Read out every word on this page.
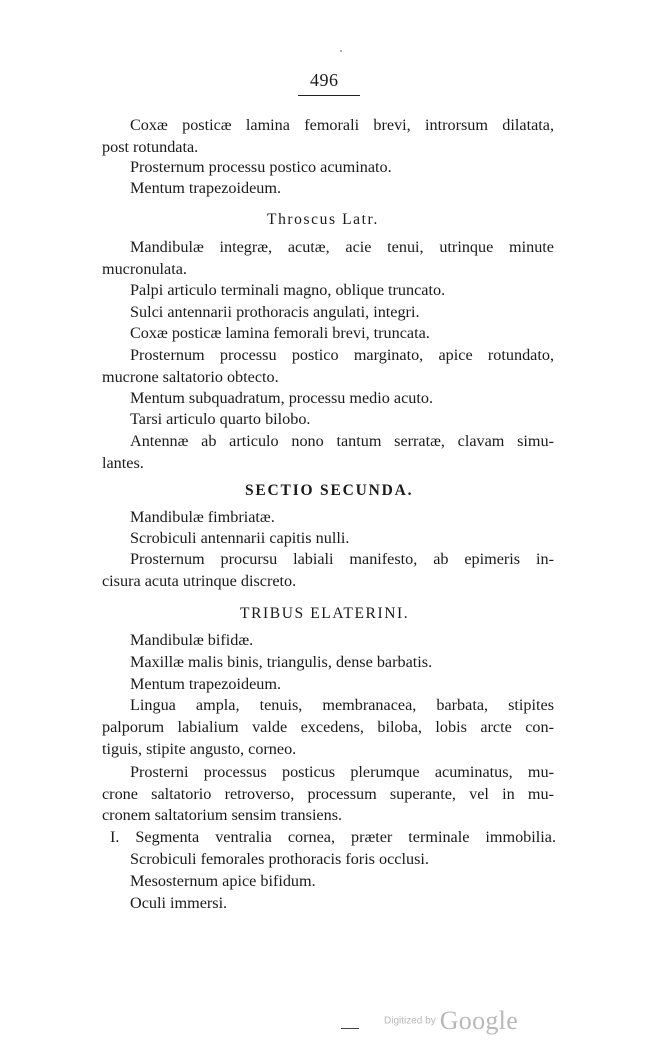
496
Coxæ posticæ lamina femorali brevi, introrsum dilatata,
post rotundata.
Prosternum processu postico acuminato.
Mentum trapezoideum.
Throscus Latr.
Mandibulæ integræ, acutæ, acie tenui, utrinque minute
mucronulata.
Palpi articulo terminali magno, oblique truncato.
Sulci antennarii prothoracis angulati, integri.
Coxæ posticæ lamina femorali brevi, truncata.
Prosternum processu postico marginato, apice rotundato,
mucrone saltatorio obtecto.
Mentum subquadratum, processu medio acuto.
Tarsi articulo quarto bilobo.
Antennæ ab articulo nono tantum serratæ, clavam simu-
lantes.
SECTIO SECUNDA.
Mandibulæ fimbriatæ.
Scrobiculi antennarii capitis nulli.
Prosternum procursu labiali manifesto, ab epimeris in-
cisura acuta utrinque discreto.
TRIBUS ELATERINI.
Mandibulæ bifidæ.
Maxillæ malis binis, triangulis, dense barbatis.
Mentum trapezoideum.
Lingua ampla, tenuis, membranacea, barbata, stipites
palporum labialium valde excedens, biloba, lobis arcte con-
tiguis, stipite angusto, corneo.
Prosterni processus posticus plerumque acuminatus, mu-
crone saltatorio retroverso, processum superante, vel in mu-
cronem saltatorium sensim transiens.
I. Segmenta ventralia cornea, præter terminale immobilia.
Scrobiculi femorales prothoracis foris occlusi.
Mesosternum apice bifidum.
Oculi immersi.
Digitized by Google
